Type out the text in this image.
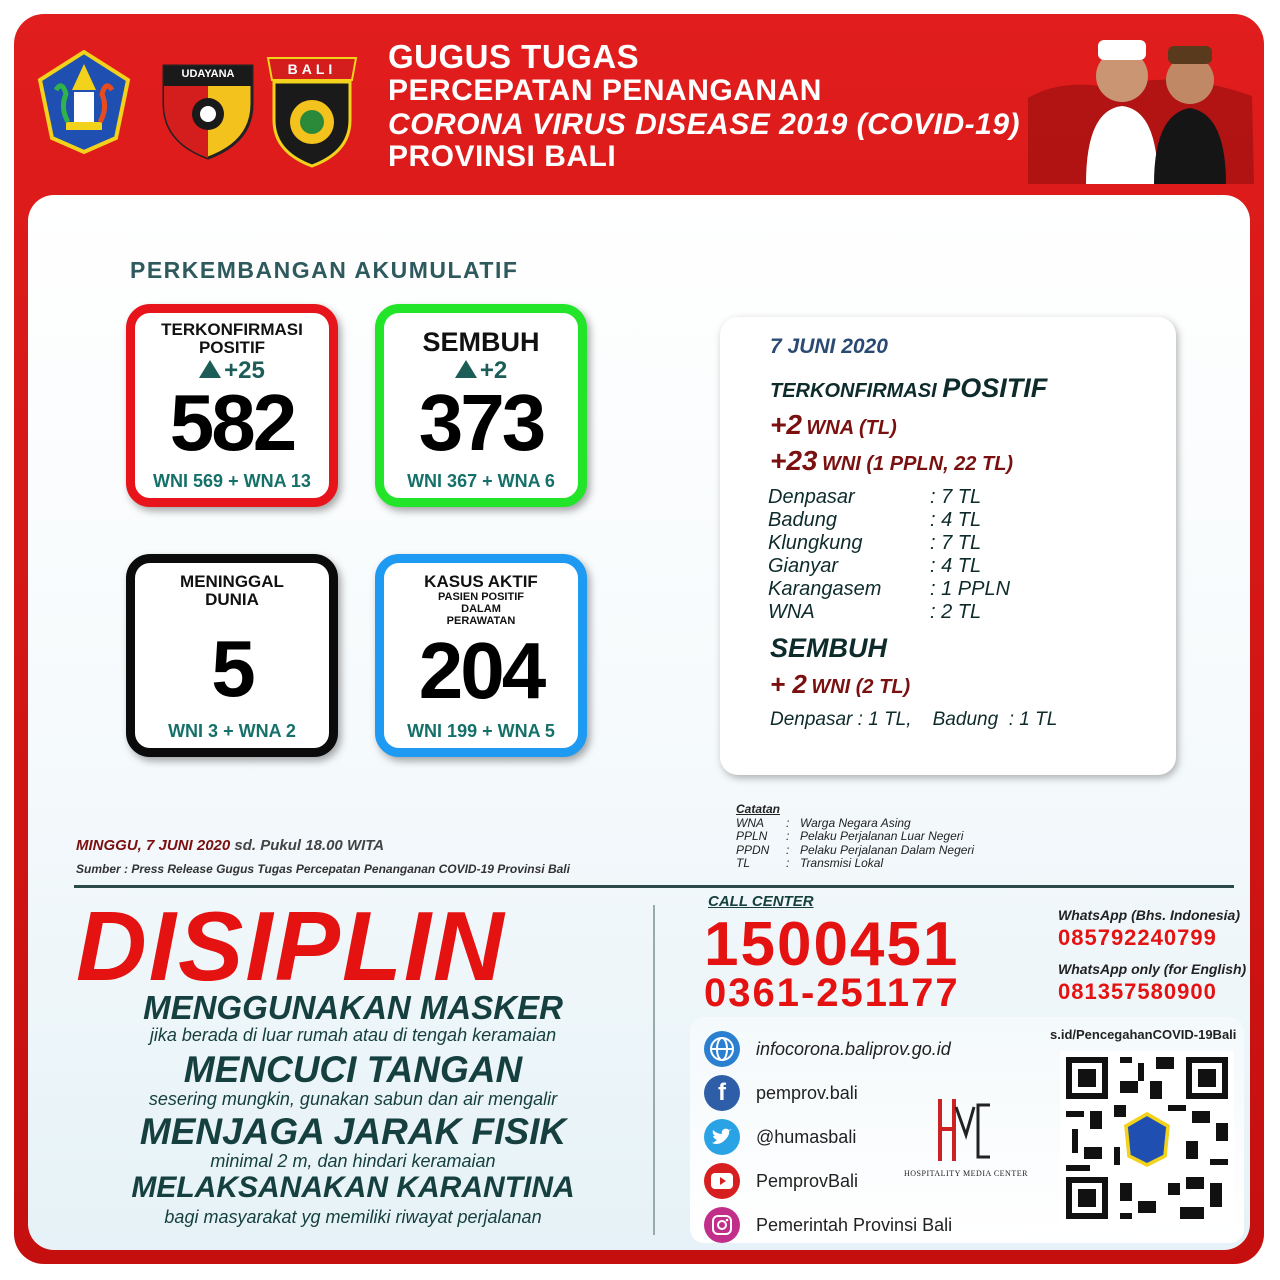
UDAYANA	BALI	GUGUS TUGAS
PERCEPATAN PENANGANAN
CORONA VIRUS DISEASE 2019 (COVID-19)
PROVINSI BALI
PERKEMBANGAN AKUMULATIF
TERKONFIRMASI POSITIF
+25
582
WNI 569 + WNA 13
SEMBUH
+2
373
WNI 367 + WNA 6
MENINGGAL DUNIA
5
WNI 3 + WNA 2
KASUS AKTIF
PASIEN POSITIF DALAM PERAWATAN
204
WNI 199 + WNA 5
7 JUNI 2020
TERKONFIRMASI POSITIF
+2 WNA (TL)
+23 WNI (1 PPLN, 22 TL)
Denpasar	: 7 TL
Badung	: 4 TL
Klungkung	: 7 TL
Gianyar	: 4 TL
Karangasem : 1 PPLN
WNA	: 2 TL
SEMBUH
+ 2 WNI (2 TL)
Denpasar : 1 TL,    Badung  : 1 TL
MINGGU, 7 JUNI 2020 sd. Pukul 18.00 WITA
Sumber : Press Release Gugus Tugas Percepatan Penanganan COVID-19 Provinsi Bali
Catatan
WNA : Warga Negara Asing
PPLN : Pelaku Perjalanan Luar Negeri
PPDN : Pelaku Perjalanan Dalam Negeri
TL	: Transmisi Lokal
DISIPLIN
MENGGUNAKAN MASKER
jika berada di luar rumah atau di tengah keramaian
MENCUCI TANGAN
sesering mungkin, gunakan sabun dan air mengalir
MENJAGA JARAK FISIK
minimal 2 m, dan hindari keramaian
MELAKSANAKAN KARANTINA
bagi masyarakat yg memiliki riwayat perjalanan
CALL CENTER
1500451
0361-251177
WhatsApp (Bhs. Indonesia)
085792240799
WhatsApp only (for English)
081357580900
infocorona.baliprov.go.id
f	pemprov.bali
@humasbali
PemprovBali
Pemerintah Provinsi Bali
HOSPITALITY MEDIA CENTER
s.id/PencegahanCOVID-19Bali
